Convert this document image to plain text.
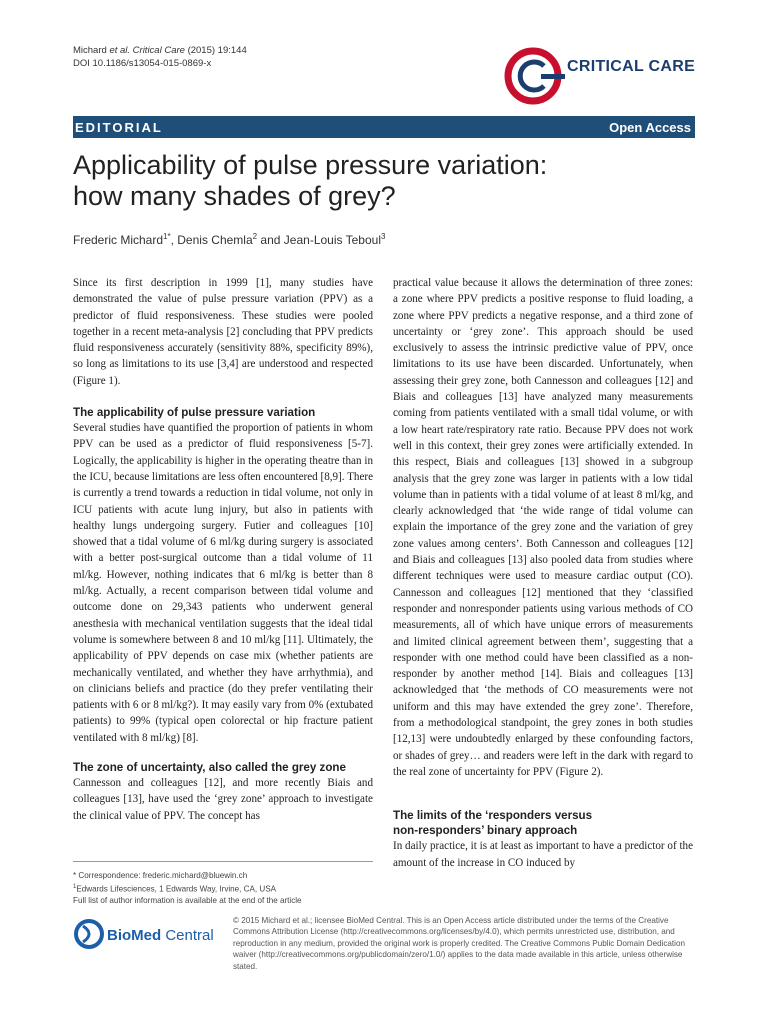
Michard et al. Critical Care (2015) 19:144
DOI 10.1186/s13054-015-0869-x	CRITICAL CARE
EDITORIAL	Open Access
Applicability of pulse pressure variation:
how many shades of grey?
Frederic Michard$^{1*}$, Denis Chemla$^2$ and Jean-Louis Teboul$^3$

Since its first description in 1999 [1], many studies have demonstrated the value of pulse pressure variation (PPV) as a predictor of fluid responsiveness. These studies were pooled together in a recent meta-analysis [2] concluding that PPV predicts fluid responsiveness accurately (sensitivity 88%, specificity 89%), so long as limitations to its use [3,4] are understood and respected (Figure 1).

The applicability of pulse pressure variation

Several studies have quantified the proportion of patients in whom PPV can be used as a predictor of fluid responsiveness [5-7]. Logically, the applicability is higher in the operating theatre than in the ICU, because limitations are less often encountered [8,9]. There is currently a trend towards a reduction in tidal volume, not only in ICU patients with acute lung injury, but also in patients with healthy lungs undergoing surgery. Futier and colleagues [10] showed that a tidal volume of 6 ml/kg during surgery is associated with a better post-surgical outcome than a tidal volume of 11 ml/kg. However, nothing indicates that 6 ml/kg is better than 8 ml/kg. Actually, a recent comparison between tidal volume and outcome done on 29,343 patients who underwent general anesthesia with mechanical ventilation suggests that the ideal tidal volume is somewhere between 8 and 10 ml/kg [11]. Ultimately, the applicability of PPV depends on case mix (whether patients are mechanically ventilated, and whether they have arrhythmia), and on clinicians beliefs and practice (do they prefer ventilating their patients with 6 or 8 ml/kg?). It may easily vary from 0% (extubated patients) to 99% (typical open colorectal or hip fracture patient ventilated with 8 ml/kg) [8].

The zone of uncertainty, also called the grey zone

Cannesson and colleagues [12], and more recently Biais and colleagues [13], have used the ‘grey zone’ approach to investigate the clinical value of PPV. The concept has

practical value because it allows the determination of three zones: a zone where PPV predicts a positive response to fluid loading, a zone where PPV predicts a negative response, and a third zone of uncertainty or ‘grey zone’. This approach should be used exclusively to assess the intrinsic predictive value of PPV, once limitations to its use have been discarded. Unfortunately, when assessing their grey zone, both Cannesson and colleagues [12] and Biais and colleagues [13] have analyzed many measurements coming from patients ventilated with a small tidal volume, or with a low heart rate/respiratory rate ratio. Because PPV does not work well in this context, their grey zones were artificially extended. In this respect, Biais and colleagues [13] showed in a subgroup analysis that the grey zone was larger in patients with a low tidal volume than in patients with a tidal volume of at least 8 ml/kg, and clearly acknowledged that ‘the wide range of tidal volume can explain the importance of the grey zone and the variation of grey zone values among centers’. Both Cannesson and colleagues [12] and Biais and colleagues [13] also pooled data from studies where different techniques were used to measure cardiac output (CO). Cannesson and colleagues [12] mentioned that they ‘classified responder and nonresponder patients using various methods of CO measurements, all of which have unique errors of measurements and limited clinical agreement between them’, suggesting that a responder with one method could have been classified as a non-responder by another method [14]. Biais and colleagues [13] acknowledged that ‘the methods of CO measurements were not uniform and this may have extended the grey zone’. Therefore, from a methodological standpoint, the grey zones in both studies [12,13] were undoubtedly enlarged by these confounding factors, or shades of grey… and readers were left in the dark with regard to the real zone of uncertainty for PPV (Figure 2).

The limits of the ‘responders versus
non-responders’ binary approach

In daily practice, it is at least as important to have a predictor of the amount of the increase in CO induced by

* Correspondence: frederic.michard@bluewin.ch
$^1$Edwards Lifesciences, 1 Edwards Way, Irvine, CA, USA
Full list of author information is available at the end of the article
BioMed Central
© 2015 Michard et al.; licensee BioMed Central. This is an Open Access article distributed under the terms of the Creative Commons Attribution License (http://creativecommons.org/licenses/by/4.0), which permits unrestricted use, distribution, and reproduction in any medium, provided the original work is properly credited. The Creative Commons Public Domain Dedication waiver (http://creativecommons.org/publicdomain/zero/1.0/) applies to the data made available in this article, unless otherwise stated.
